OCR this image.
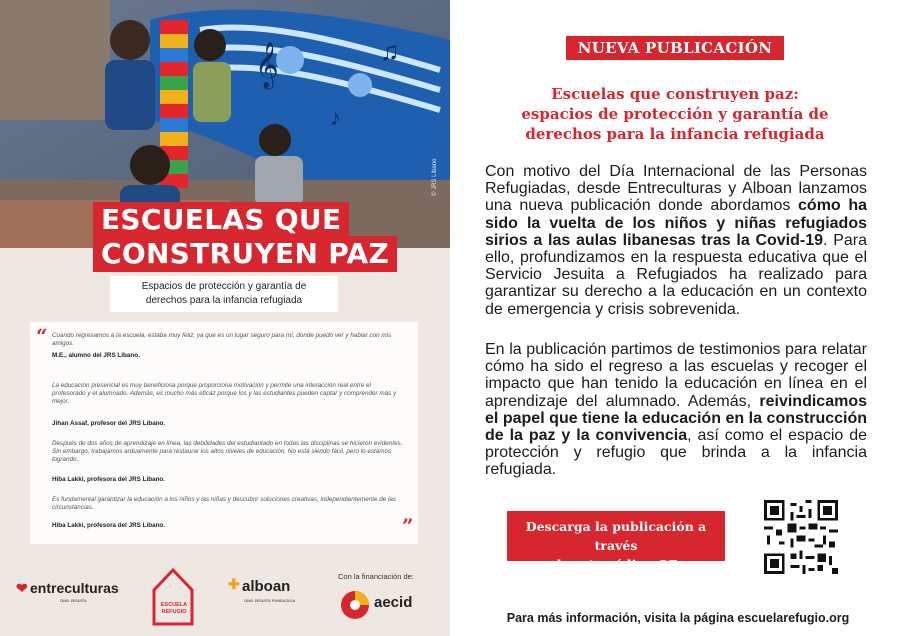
𝄞	♫
♪
© JRS Líbano
ESCUELAS QUE
CONSTRUYEN PAZ
Espacios de protección y garantía de
derechos para la infancia refugiada
“ Cuando regresamos a la escuela, estaba muy feliz, ya que es un lugar seguro para mí, donde puedo ver y hablar con mis amigos.
M.E., alumno del JRS Líbano.
La educación presencial es muy beneficiosa porque proporciona motivación y permite una interacción real entre el profesorado y el alumnado. Además, es mucho más eficaz porque los y las estudiantes pueden captar y comprender más y mejor.
Jihan Assaf, profesor del JRS Líbano.
Después de dos años de aprendizaje en línea, las debilidades del estudiantado en todas las disciplinas se hicieron evidentes. Sin embargo, trabajamos arduamente para restaurar los altos niveles de educación. No está siendo fácil, pero lo estamos logrando.
Hiba Lakki, profesora del JRS Líbano.
Es fundamental garantizar la educación a los niños y las niñas y descubrir soluciones creativas, independientemente de las circunstancias.
Hiba Lakki, profesora del JRS Líbano.	”
❤ entreculturas
ONG JESUITA
ESCUELA REFUGIO
✚ alboan
ONG JESUITA FUNDAZIOA
Con la financiación de:
aecid
NUEVA PUBLICACIÓN
Escuelas que construyen paz:
espacios de protección y garantía de
derechos para la infancia refugiada

Con motivo del Día Internacional de las Personas Refugiadas, desde Entreculturas y Alboan lanzamos una nueva publicación donde abordamos cómo ha sido la vuelta de los niños y niñas refugiados sirios a las aulas libanesas tras la Covid-19. Para ello, profundizamos en la respuesta educativa que el Servicio Jesuita a Refugiados ha realizado para garantizar su derecho a la educación en un contexto de emergencia y crisis sobrevenida.

En la publicación partimos de testimonios para relatar cómo ha sido el regreso a las escuelas y recoger el impacto que han tenido la educación en línea en el aprendizaje del alumnado. Además, reivindicamos el papel que tiene la educación en la construcción de la paz y la convivencia, así como el espacio de protección y refugio que brinda a la infancia refugiada.

Descarga la publicación a través
de este código QR
Para más información, visita la página escuelarefugio.org
